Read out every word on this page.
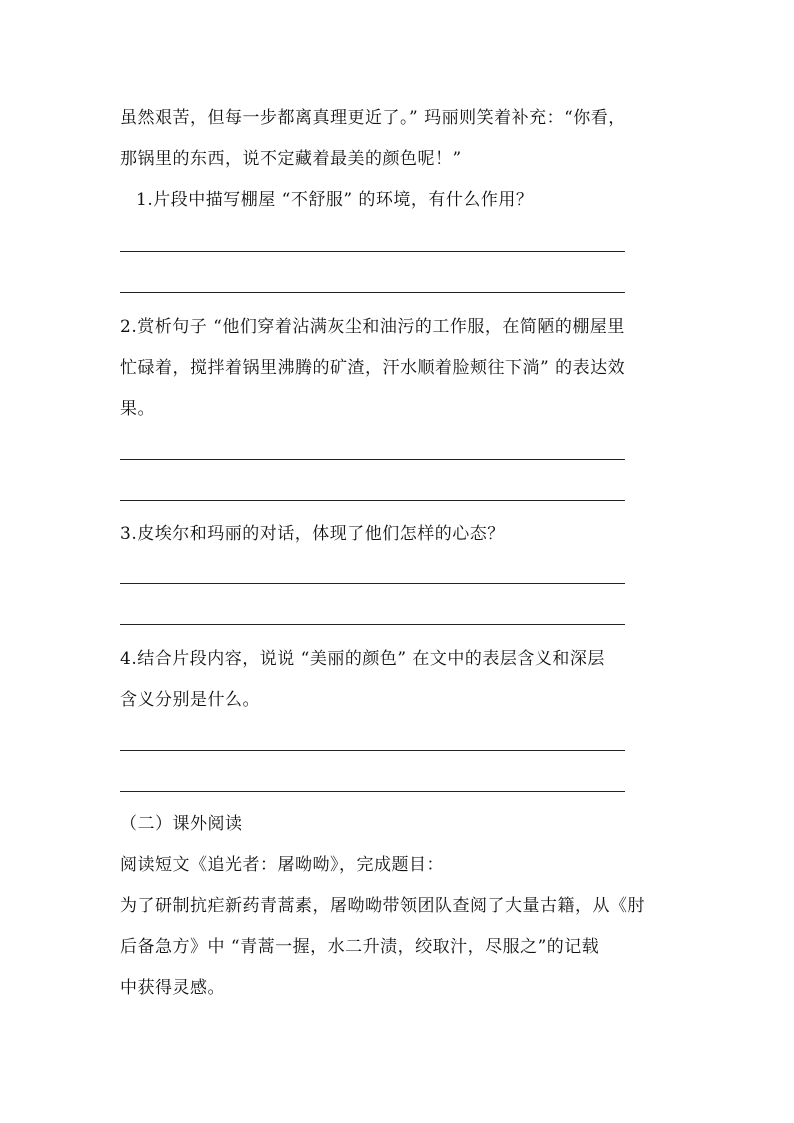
虽然艰苦，但每一步都离真理更近了。” 玛丽则笑着补充：“你看，
那锅里的东西，说不定藏着最美的颜色呢！”
1.片段中描写棚屋 “不舒服” 的环境，有什么作用？
2.赏析句子 “他们穿着沾满灰尘和油污的工作服，在简陋的棚屋里
忙碌着，搅拌着锅里沸腾的矿渣，汗水顺着脸颊往下淌” 的表达效
果。
3.皮埃尔和玛丽的对话，体现了他们怎样的心态？
4.结合片段内容，说说 “美丽的颜色” 在文中的表层含义和深层
含义分别是什么。
（二）课外阅读
阅读短文《追光者：屠呦呦》，完成题目：
为了研制抗疟新药青蒿素，屠呦呦带领团队查阅了大量古籍，从《肘
后备急方》中 “青蒿一握，水二升渍，绞取汁，尽服之”的记载
中获得灵感。
